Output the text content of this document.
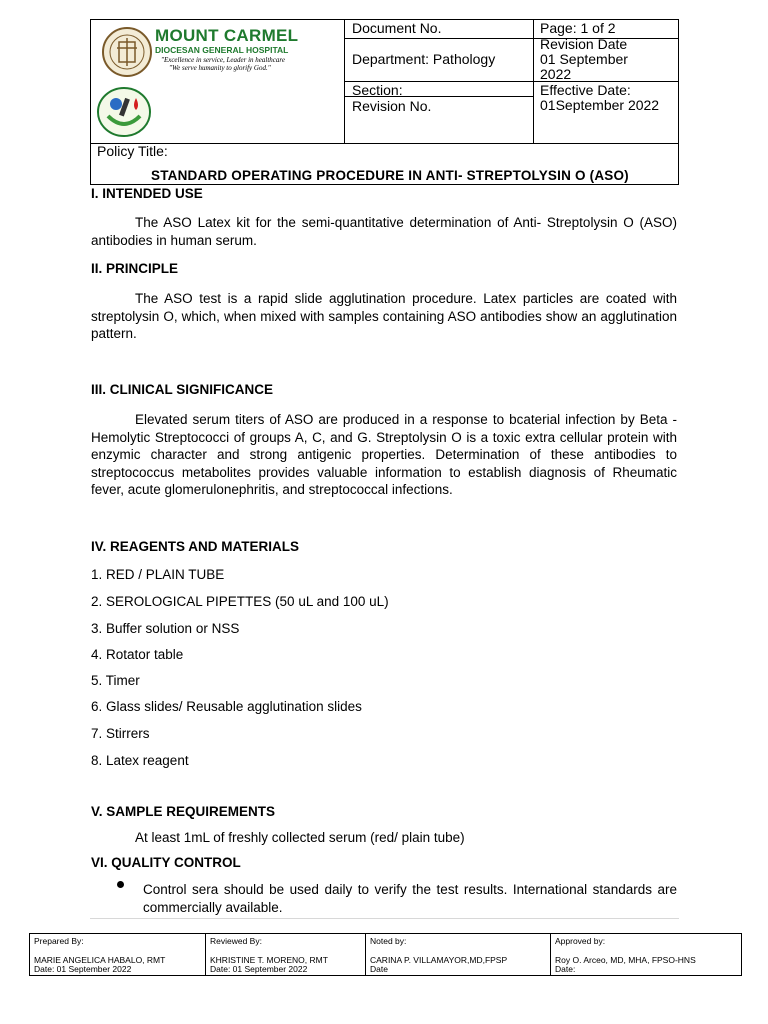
MOUNT CARMEL
DIOCESAN GENERAL HOSPITAL
"Excellence in service, Leader in healthcare
"We serve humanity to glorify God."
Document No.
Department: Pathology
Section:
Revision No.
Page: 1 of 2
Revision Date
01 September
2022
Effective Date:
01September 2022
Policy Title:
STANDARD OPERATING PROCEDURE IN ANTI- STREPTOLYSIN O (ASO)
I. INTENDED USE
The ASO Latex kit for the semi-quantitative determination of Anti- Streptolysin O (ASO) antibodies in human serum.
II. PRINCIPLE
The ASO test is a rapid slide agglutination procedure. Latex particles are coated with streptolysin O, which, when mixed with samples containing ASO antibodies show an agglutination pattern.
III. CLINICAL SIGNIFICANCE
Elevated serum titers of ASO are produced in a response to bcaterial infection by Beta - Hemolytic Streptococci of groups A, C, and G. Streptolysin O is a toxic extra cellular protein with enzymic character and strong antigenic properties. Determination of these antibodies to streptococcus metabolites provides valuable information to establish diagnosis of Rheumatic fever, acute glomerulonephritis, and streptococcal infections.
IV. REAGENTS AND MATERIALS
1. RED / PLAIN TUBE
2. SEROLOGICAL PIPETTES (50 uL and 100 uL)
3. Buffer solution or NSS
4. Rotator table
5. Timer
6. Glass slides/ Reusable agglutination slides
7. Stirrers
8. Latex reagent
V. SAMPLE REQUIREMENTS
At least 1mL of freshly collected serum (red/ plain tube)
VI. QUALITY CONTROL
Control sera should be used daily to verify the test results. International standards are commercially available.
Prepared By:
MARIE ANGELICA HABALO, RMT
Date: 01 September 2022
Reviewed By:
KHRISTINE T. MORENO, RMT
Date: 01 September 2022
Noted by:
CARINA P. VILLAMAYOR,MD,FPSP
Date
Approved by:
Roy O. Arceo, MD, MHA, FPSO-HNS
Date:
